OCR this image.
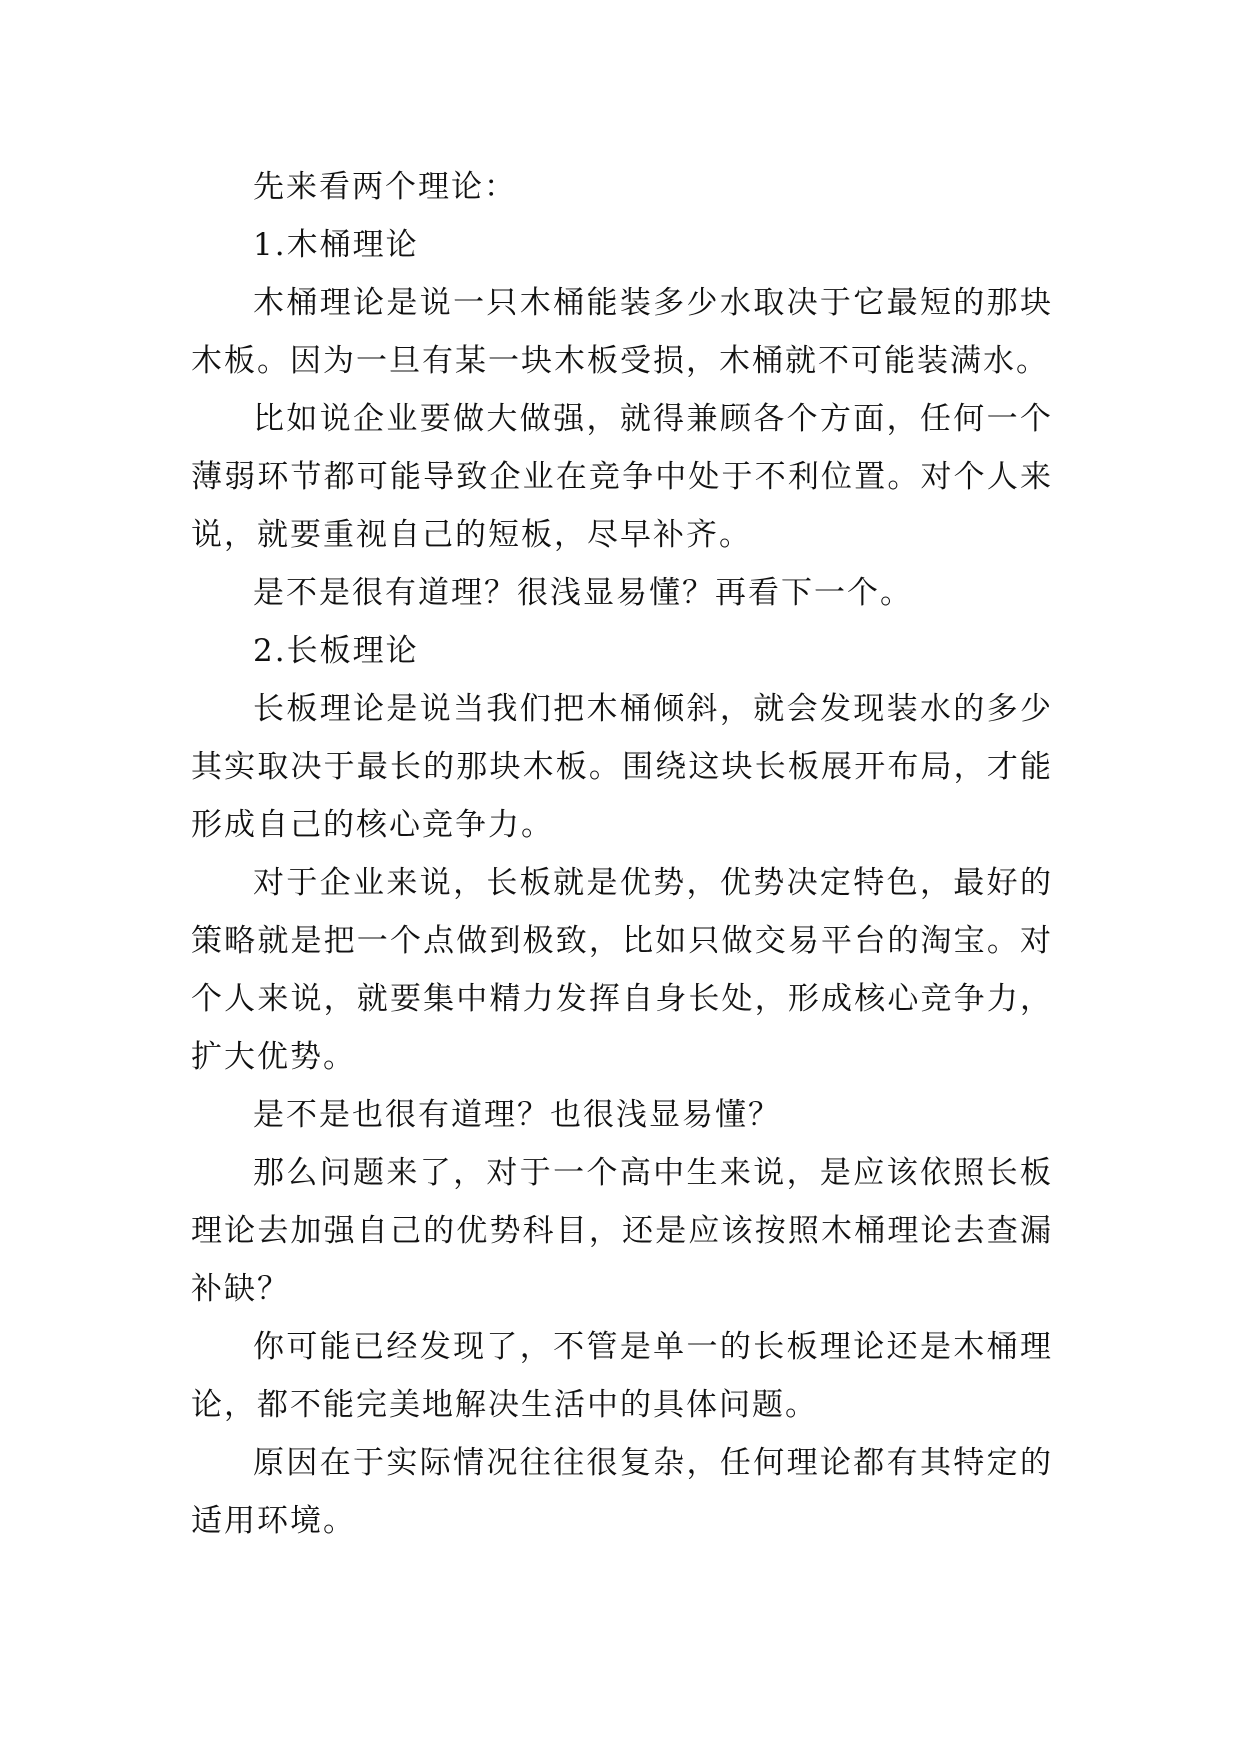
先来看两个理论：

1.木桶理论

木桶理论是说一只木桶能装多少水取决于它最短的那块木板。因为一旦有某一块木板受损，木桶就不可能装满水。

比如说企业要做大做强，就得兼顾各个方面，任何一个薄弱环节都可能导致企业在竞争中处于不利位置。对个人来说，就要重视自己的短板，尽早补齐。

是不是很有道理？很浅显易懂？再看下一个。

2.长板理论

长板理论是说当我们把木桶倾斜，就会发现装水的多少其实取决于最长的那块木板。围绕这块长板展开布局，才能形成自己的核心竞争力。

对于企业来说，长板就是优势，优势决定特色，最好的策略就是把一个点做到极致，比如只做交易平台的淘宝。对个人来说，就要集中精力发挥自身长处，形成核心竞争力，扩大优势。

是不是也很有道理？也很浅显易懂？

那么问题来了，对于一个高中生来说，是应该依照长板理论去加强自己的优势科目，还是应该按照木桶理论去查漏补缺？

你可能已经发现了，不管是单一的长板理论还是木桶理论，都不能完美地解决生活中的具体问题。

原因在于实际情况往往很复杂，任何理论都有其特定的适用环境。
